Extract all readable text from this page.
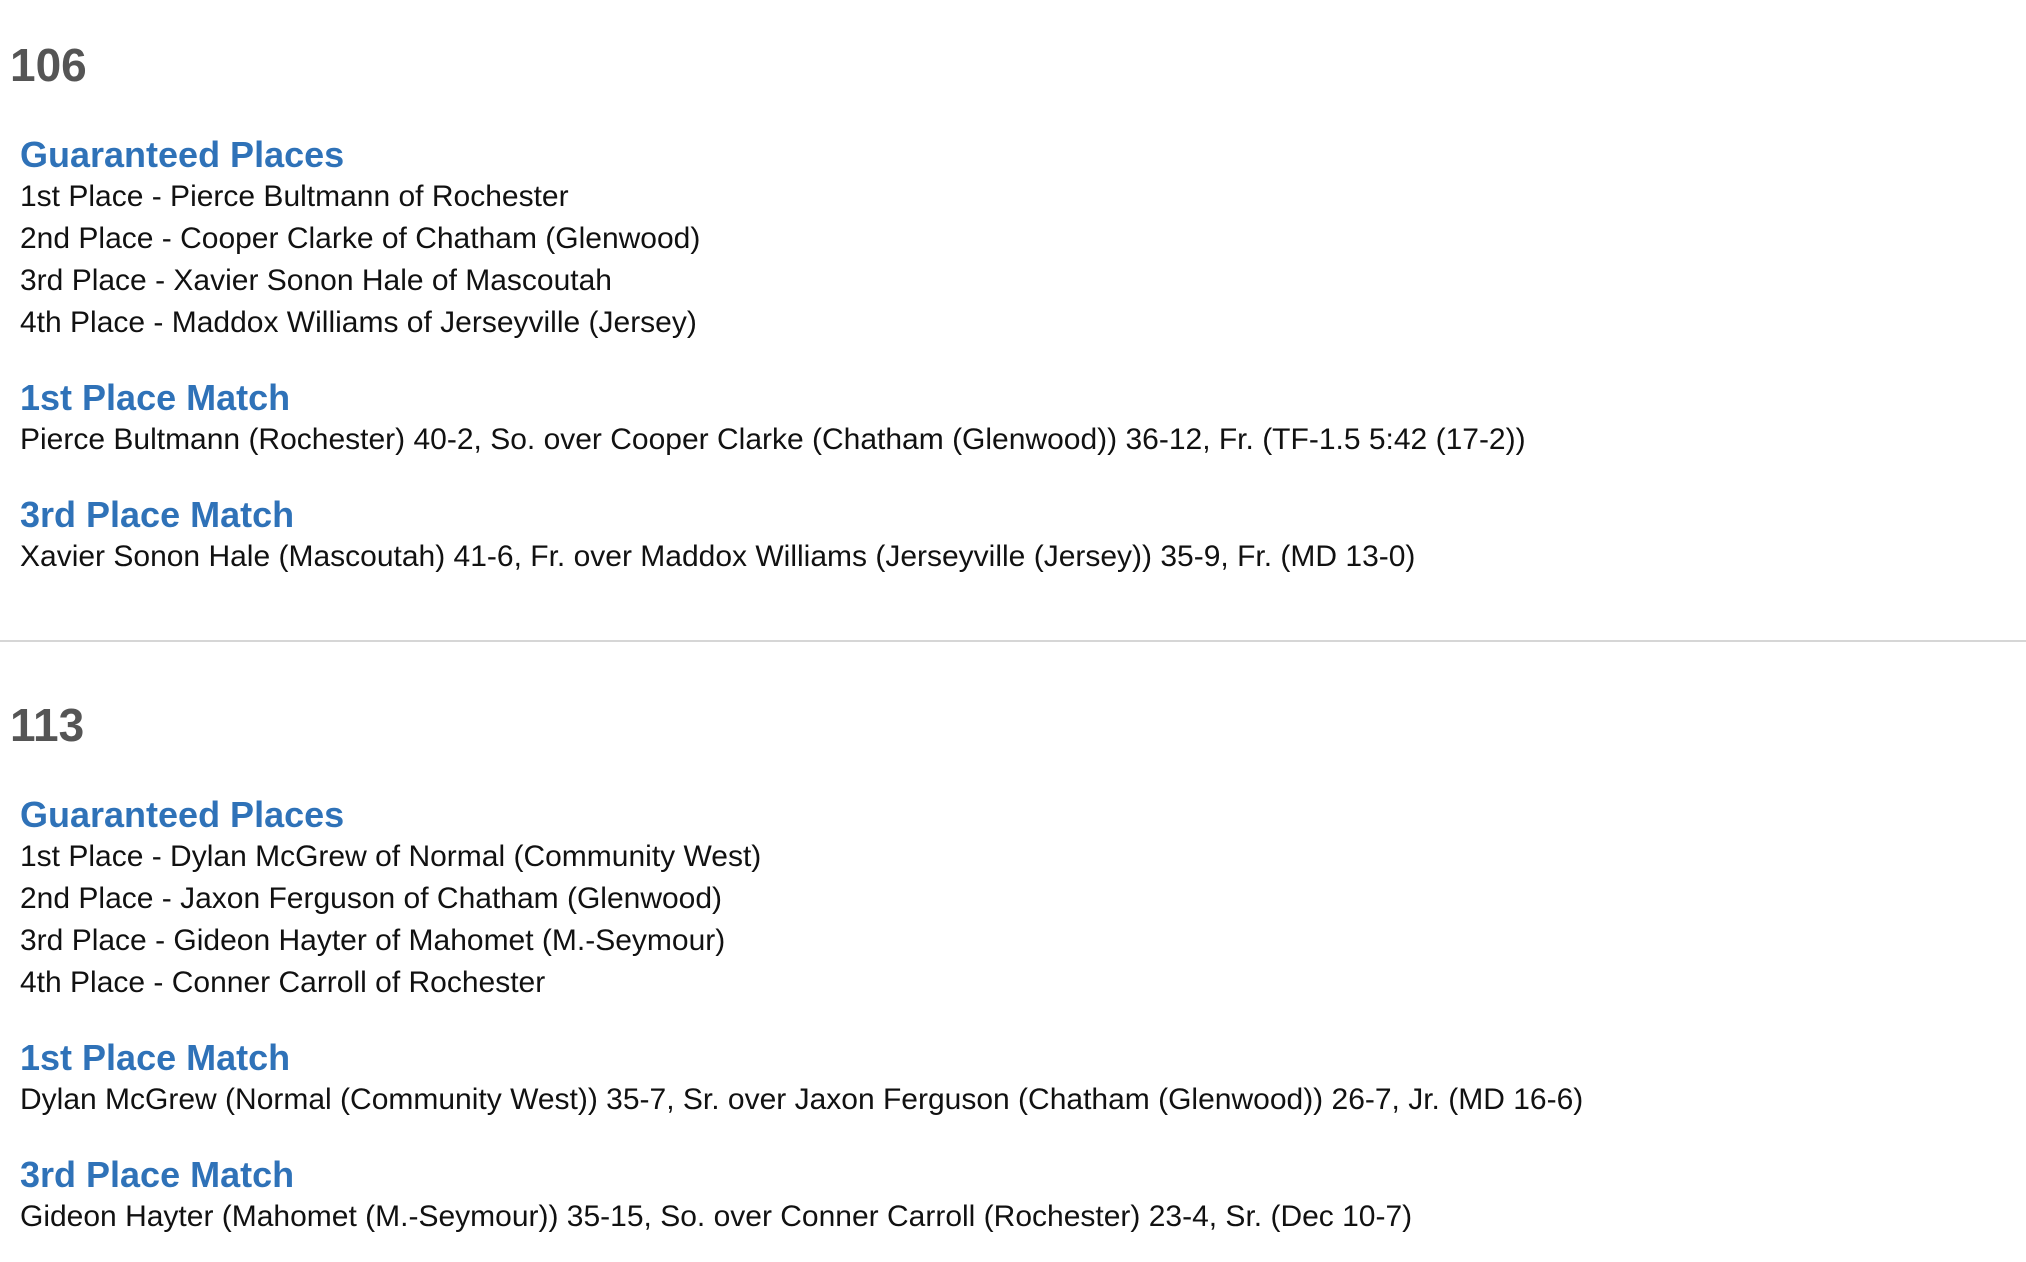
106
Guaranteed Places

1st Place - Pierce Bultmann of Rochester

2nd Place - Cooper Clarke of Chatham (Glenwood)

3rd Place - Xavier Sonon Hale of Mascoutah

4th Place - Maddox Williams of Jerseyville (Jersey)

1st Place Match

Pierce Bultmann (Rochester) 40-2, So. over Cooper Clarke (Chatham (Glenwood)) 36-12, Fr. (TF-1.5 5:42 (17-2))

3rd Place Match

Xavier Sonon Hale (Mascoutah) 41-6, Fr. over Maddox Williams (Jerseyville (Jersey)) 35-9, Fr. (MD 13-0)

113
Guaranteed Places

1st Place - Dylan McGrew of Normal (Community West)

2nd Place - Jaxon Ferguson of Chatham (Glenwood)

3rd Place - Gideon Hayter of Mahomet (M.-Seymour)

4th Place - Conner Carroll of Rochester

1st Place Match

Dylan McGrew (Normal (Community West)) 35-7, Sr. over Jaxon Ferguson (Chatham (Glenwood)) 26-7, Jr. (MD 16-6)

3rd Place Match

Gideon Hayter (Mahomet (M.-Seymour)) 35-15, So. over Conner Carroll (Rochester) 23-4, Sr. (Dec 10-7)
